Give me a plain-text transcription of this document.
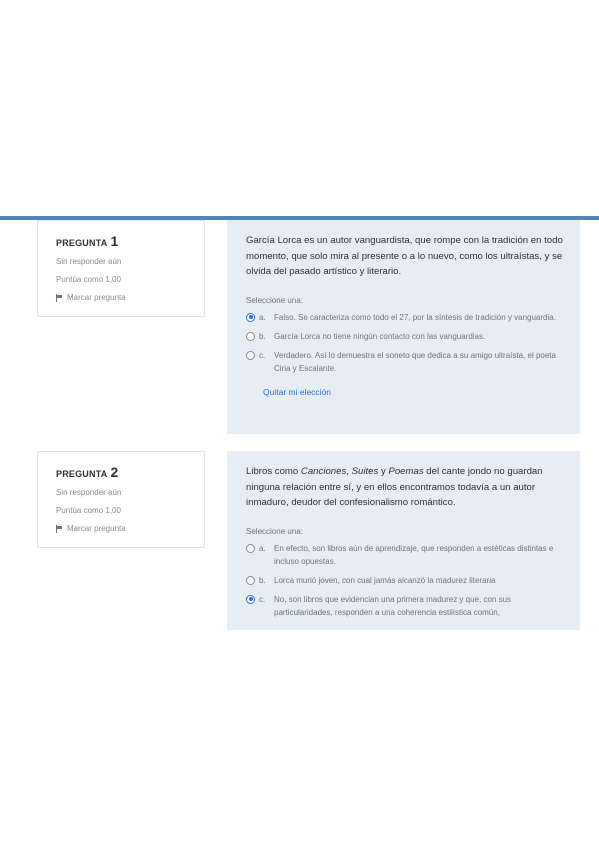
PREGUNTA 1
Sin responder aún
Puntúa como 1,00
Marcar pregunta
García Lorca es un autor vanguardista, que rompe con la tradición en todo momento, que solo mira al presente o a lo nuevo, como los ultraístas, y se olvida del pasado artístico y literario.
Seleccione una:
a.	Falso. Se caracteriza como todo el 27, por la síntesis de tradición y vanguardia.
b.	García Lorca no tiene ningún contacto con las vanguardias.
c.	Verdadero. Así lo demuestra el soneto que dedica a su amigo ultraísta, el poeta Ciria y Escalante.
Quitar mi elección
PREGUNTA 2
Sin responder aún
Puntúa como 1,00
Marcar pregunta
Libros como Canciones, Suites y Poemas del cante jondo no guardan ninguna relación entre sí, y en ellos encontramos todavía a un autor inmaduro, deudor del confesionalismo romántico.
Seleccione una:
a.	En efecto, son libros aún de aprendizaje, que responden a estéticas distintas e incluso opuestas.
b.	Lorca murió joven, con cual jamás alcanzó la madurez literaria
c.	No, son libros que evidencian una primera madurez y que, con sus particularidades, responden a una coherencia estilística común,
